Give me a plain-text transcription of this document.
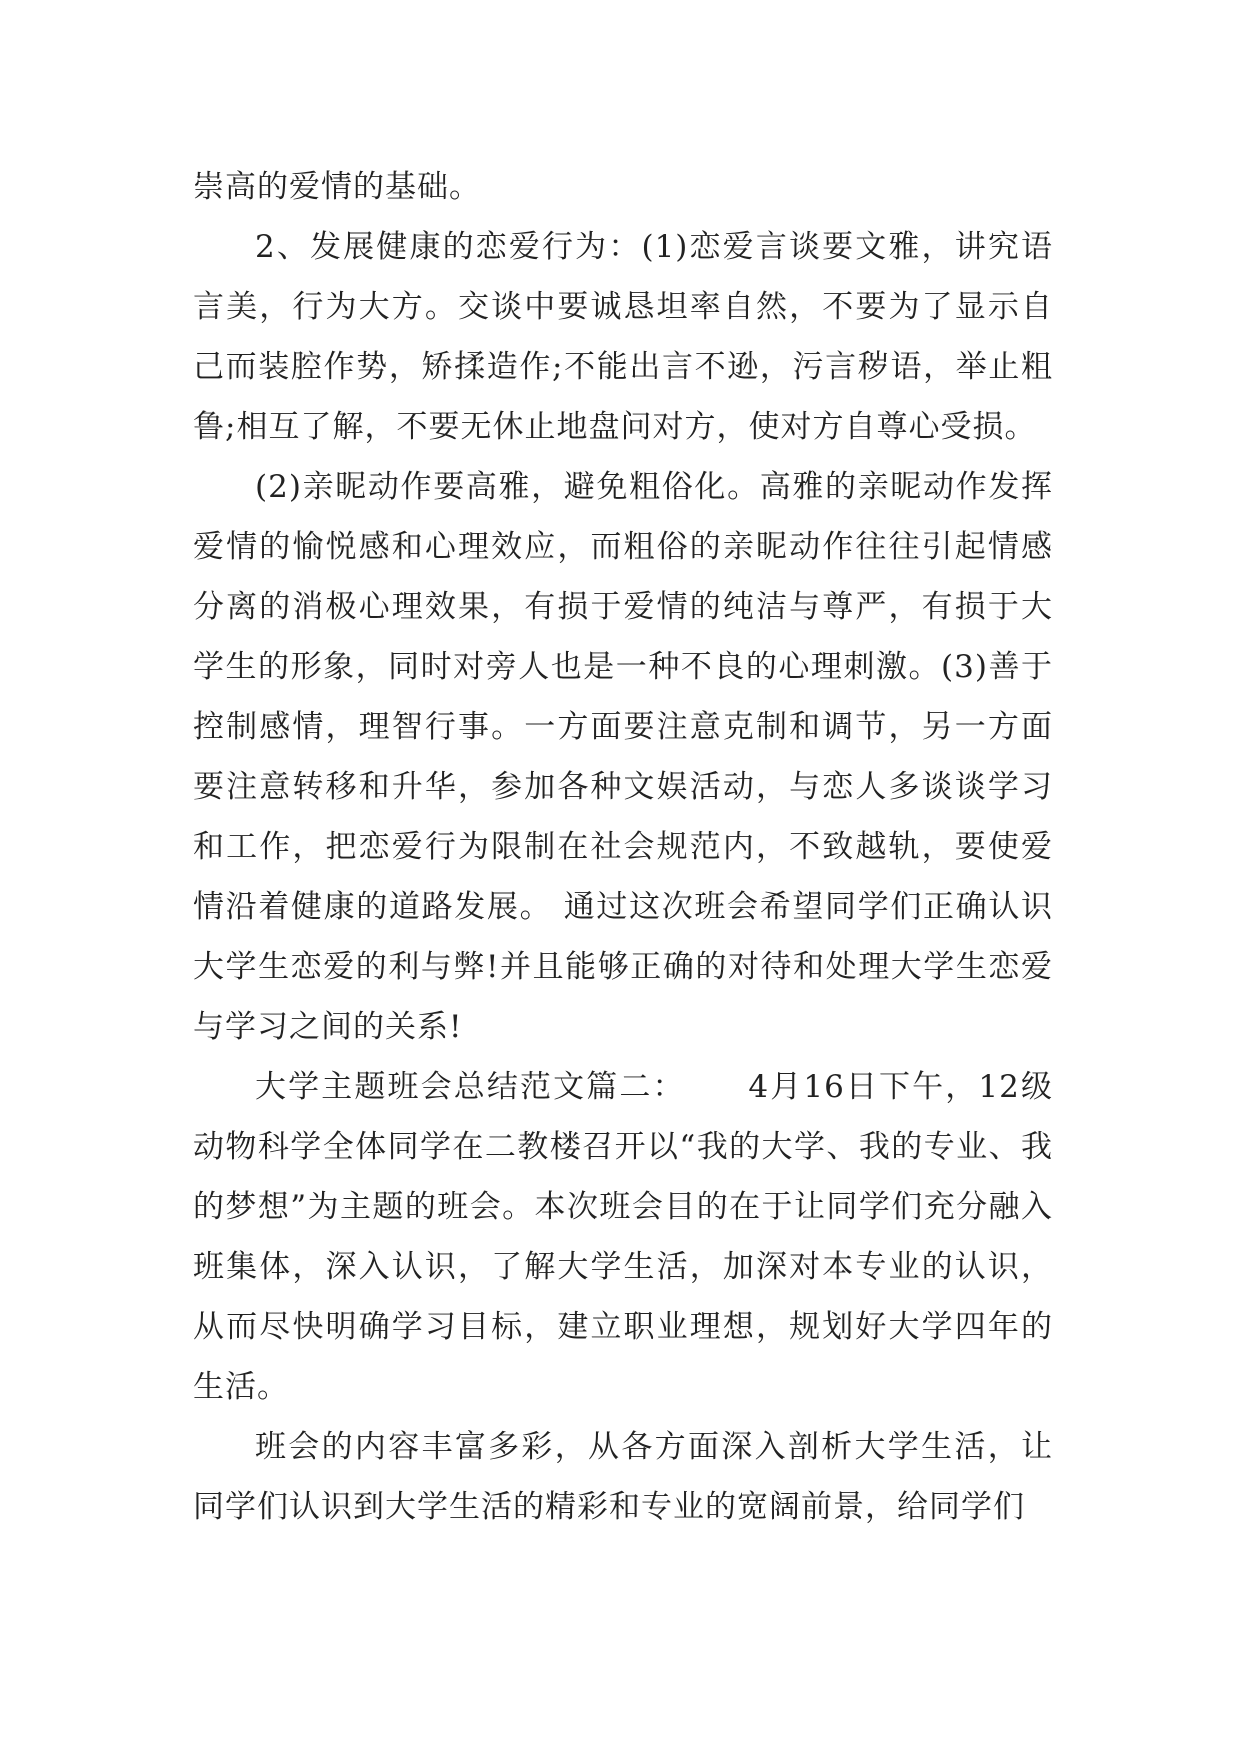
崇高的爱情的基础。

2、发展健康的恋爱行为：(1)恋爱言谈要文雅，讲究语言美，行为大方。交谈中要诚恳坦率自然，不要为了显示自己而装腔作势，矫揉造作;不能出言不逊，污言秽语，举止粗鲁;相互了解，不要无休止地盘问对方，使对方自尊心受损。

(2)亲昵动作要高雅，避免粗俗化。高雅的亲昵动作发挥爱情的愉悦感和心理效应，而粗俗的亲昵动作往往引起情感分离的消极心理效果，有损于爱情的纯洁与尊严，有损于大学生的形象，同时对旁人也是一种不良的心理刺激。(3)善于控制感情，理智行事。一方面要注意克制和调节，另一方面要注意转移和升华，参加各种文娱活动，与恋人多谈谈学习和工作，把恋爱行为限制在社会规范内，不致越轨，要使爱情沿着健康的道路发展。 通过这次班会希望同学们正确认识大学生恋爱的利与弊!并且能够正确的对待和处理大学生恋爱与学习之间的关系!

大学主题班会总结范文篇二：　　 4月16日下午，12级动物科学全体同学在二教楼召开以“我的大学、我的专业、我的梦想”为主题的班会。本次班会目的在于让同学们充分融入班集体，深入认识，了解大学生活，加深对本专业的认识，从而尽快明确学习目标，建立职业理想，规划好大学四年的生活。

班会的内容丰富多彩，从各方面深入剖析大学生活，让同学们认识到大学生活的精彩和专业的宽阔前景，给同学们
